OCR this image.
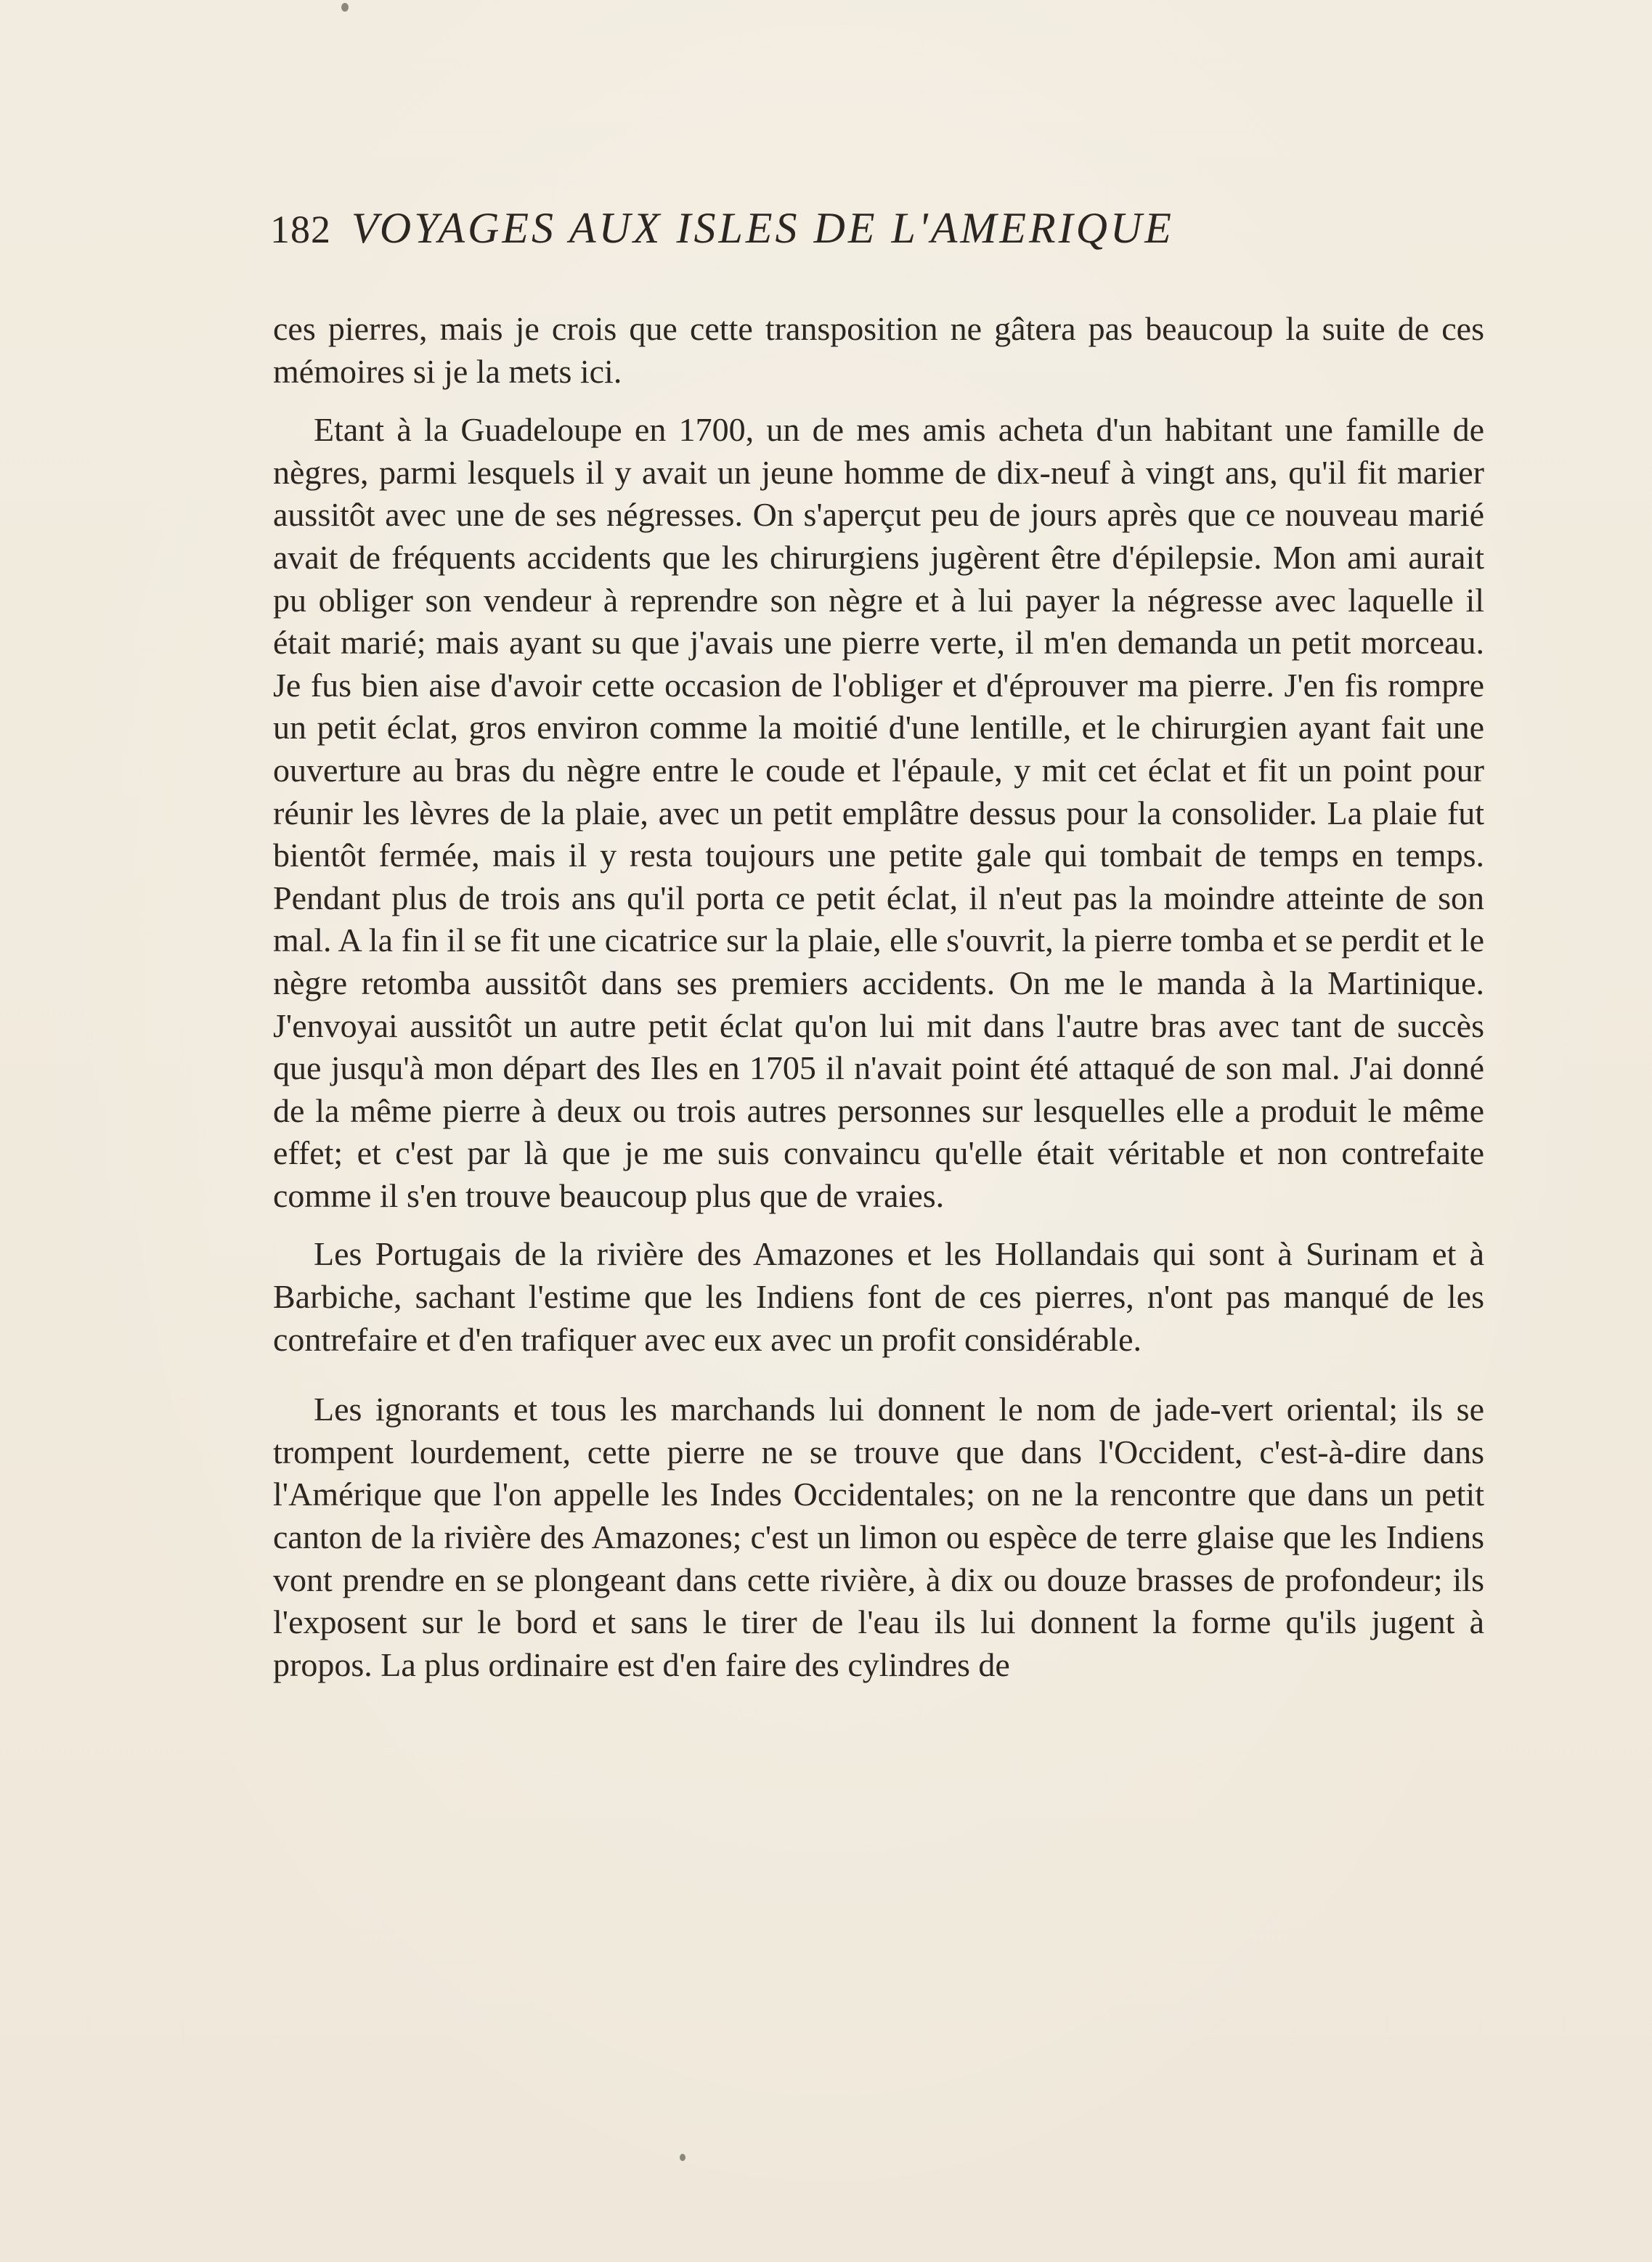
182 VOYAGES AUX ISLES DE L'AMERIQUE

ces pierres, mais je crois que cette transposition ne gâtera pas beaucoup la suite de ces mémoires si je la mets ici.

Etant à la Guadeloupe en 1700, un de mes amis acheta d'un habitant une famille de nègres, parmi lesquels il y avait un jeune homme de dix-neuf à vingt ans, qu'il fit marier aussitôt avec une de ses négresses. On s'aperçut peu de jours après que ce nouveau marié avait de fréquents accidents que les chirurgiens jugèrent être d'épilepsie. Mon ami aurait pu obliger son vendeur à reprendre son nègre et à lui payer la négresse avec laquelle il était marié; mais ayant su que j'avais une pierre verte, il m'en demanda un petit morceau. Je fus bien aise d'avoir cette occasion de l'obliger et d'éprouver ma pierre. J'en fis rompre un petit éclat, gros environ comme la moitié d'une lentille, et le chirurgien ayant fait une ouverture au bras du nègre entre le coude et l'épaule, y mit cet éclat et fit un point pour réunir les lèvres de la plaie, avec un petit emplâtre dessus pour la consolider. La plaie fut bientôt fermée, mais il y resta toujours une petite gale qui tombait de temps en temps. Pendant plus de trois ans qu'il porta ce petit éclat, il n'eut pas la moindre atteinte de son mal. A la fin il se fit une cicatrice sur la plaie, elle s'ouvrit, la pierre tomba et se perdit et le nègre retomba aussitôt dans ses premiers accidents. On me le manda à la Martinique. J'envoyai aussitôt un autre petit éclat qu'on lui mit dans l'autre bras avec tant de succès que jusqu'à mon départ des Iles en 1705 il n'avait point été attaqué de son mal. J'ai donné de la même pierre à deux ou trois autres personnes sur lesquelles elle a produit le même effet; et c'est par là que je me suis convaincu qu'elle était véritable et non contrefaite comme il s'en trouve beaucoup plus que de vraies.

Les Portugais de la rivière des Amazones et les Hollandais qui sont à Surinam et à Barbiche, sachant l'estime que les Indiens font de ces pierres, n'ont pas manqué de les contrefaire et d'en trafiquer avec eux avec un profit considérable.

Les ignorants et tous les marchands lui donnent le nom de jade-vert oriental; ils se trompent lourdement, cette pierre ne se trouve que dans l'Occident, c'est-à-dire dans l'Amérique que l'on appelle les Indes Occidentales; on ne la rencontre que dans un petit canton de la rivière des Amazones; c'est un limon ou espèce de terre glaise que les Indiens vont prendre en se plongeant dans cette rivière, à dix ou douze brasses de profondeur; ils l'exposent sur le bord et sans le tirer de l'eau ils lui donnent la forme qu'ils jugent à propos. La plus ordinaire est d'en faire des cylindres de
